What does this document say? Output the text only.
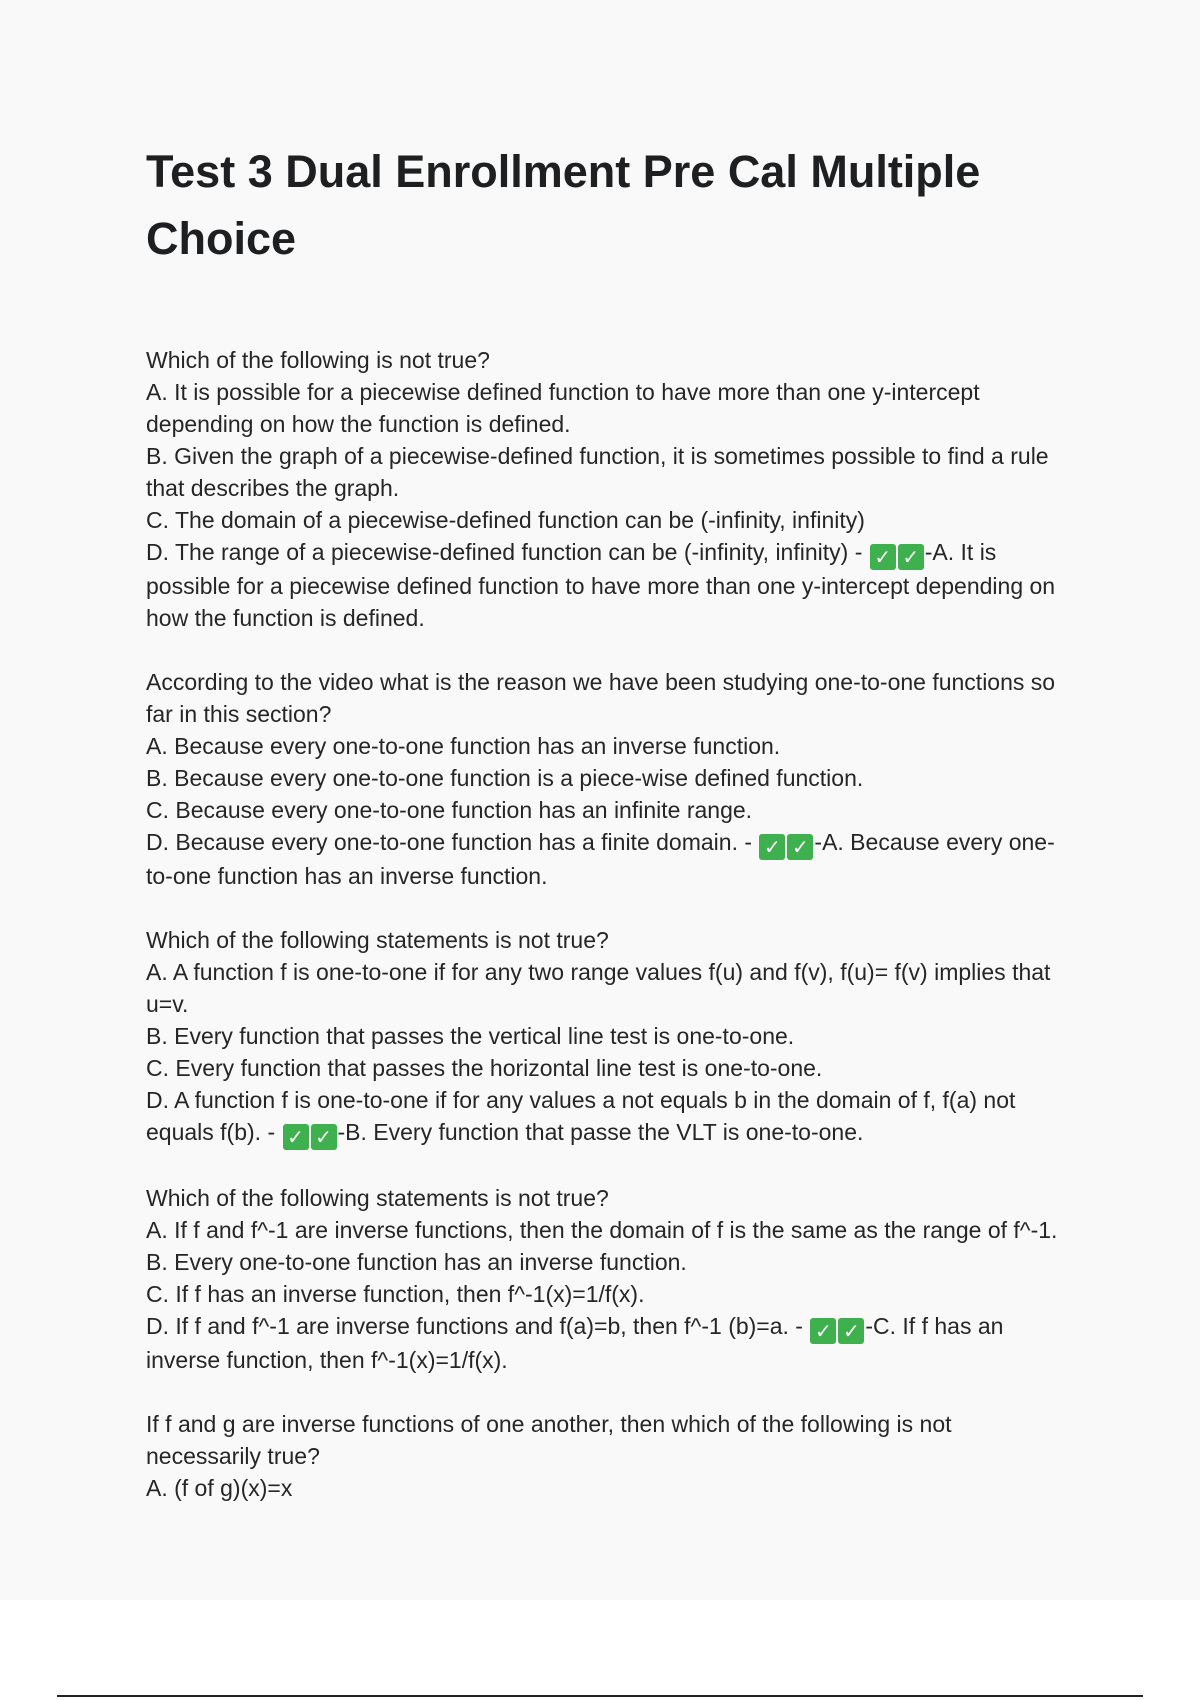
Test 3 Dual Enrollment Pre Cal Multiple Choice

Which of the following is not true?

A. It is possible for a piecewise defined function to have more than one y-intercept depending on how the function is defined.

B. Given the graph of a piecewise-defined function, it is sometimes possible to find a rule that describes the graph.

C. The domain of a piecewise-defined function can be (-infinity, infinity)

D. The range of a piecewise-defined function can be (-infinity, infinity) - ✓ ✓ -A. It is possible for a piecewise defined function to have more than one y-intercept depending on how the function is defined.

According to the video what is the reason we have been studying one-to-one functions so far in this section?

A. Because every one-to-one function has an inverse function.

B. Because every one-to-one function is a piece-wise defined function.

C. Because every one-to-one function has an infinite range.

D. Because every one-to-one function has a finite domain. - ✓ ✓ -A. Because every one-to-one function has an inverse function.

Which of the following statements is not true?

A. A function f is one-to-one if for any two range values f(u) and f(v), f(u)= f(v) implies that u=v.

B. Every function that passes the vertical line test is one-to-one.

C. Every function that passes the horizontal line test is one-to-one.

D. A function f is one-to-one if for any values a not equals b in the domain of f, f(a) not equals f(b). - ✓ ✓ -B. Every function that passe the VLT is one-to-one.

Which of the following statements is not true?

A. If f and f^-1 are inverse functions, then the domain of f is the same as the range of f^-1.

B. Every one-to-one function has an inverse function.

C. If f has an inverse function, then f^-1(x)=1/f(x).

D. If f and f^-1 are inverse functions and f(a)=b, then f^-1 (b)=a. - ✓ ✓ -C. If f has an inverse function, then f^-1(x)=1/f(x).

If f and g are inverse functions of one another, then which of the following is not necessarily true?

A. (f of g)(x)=x
